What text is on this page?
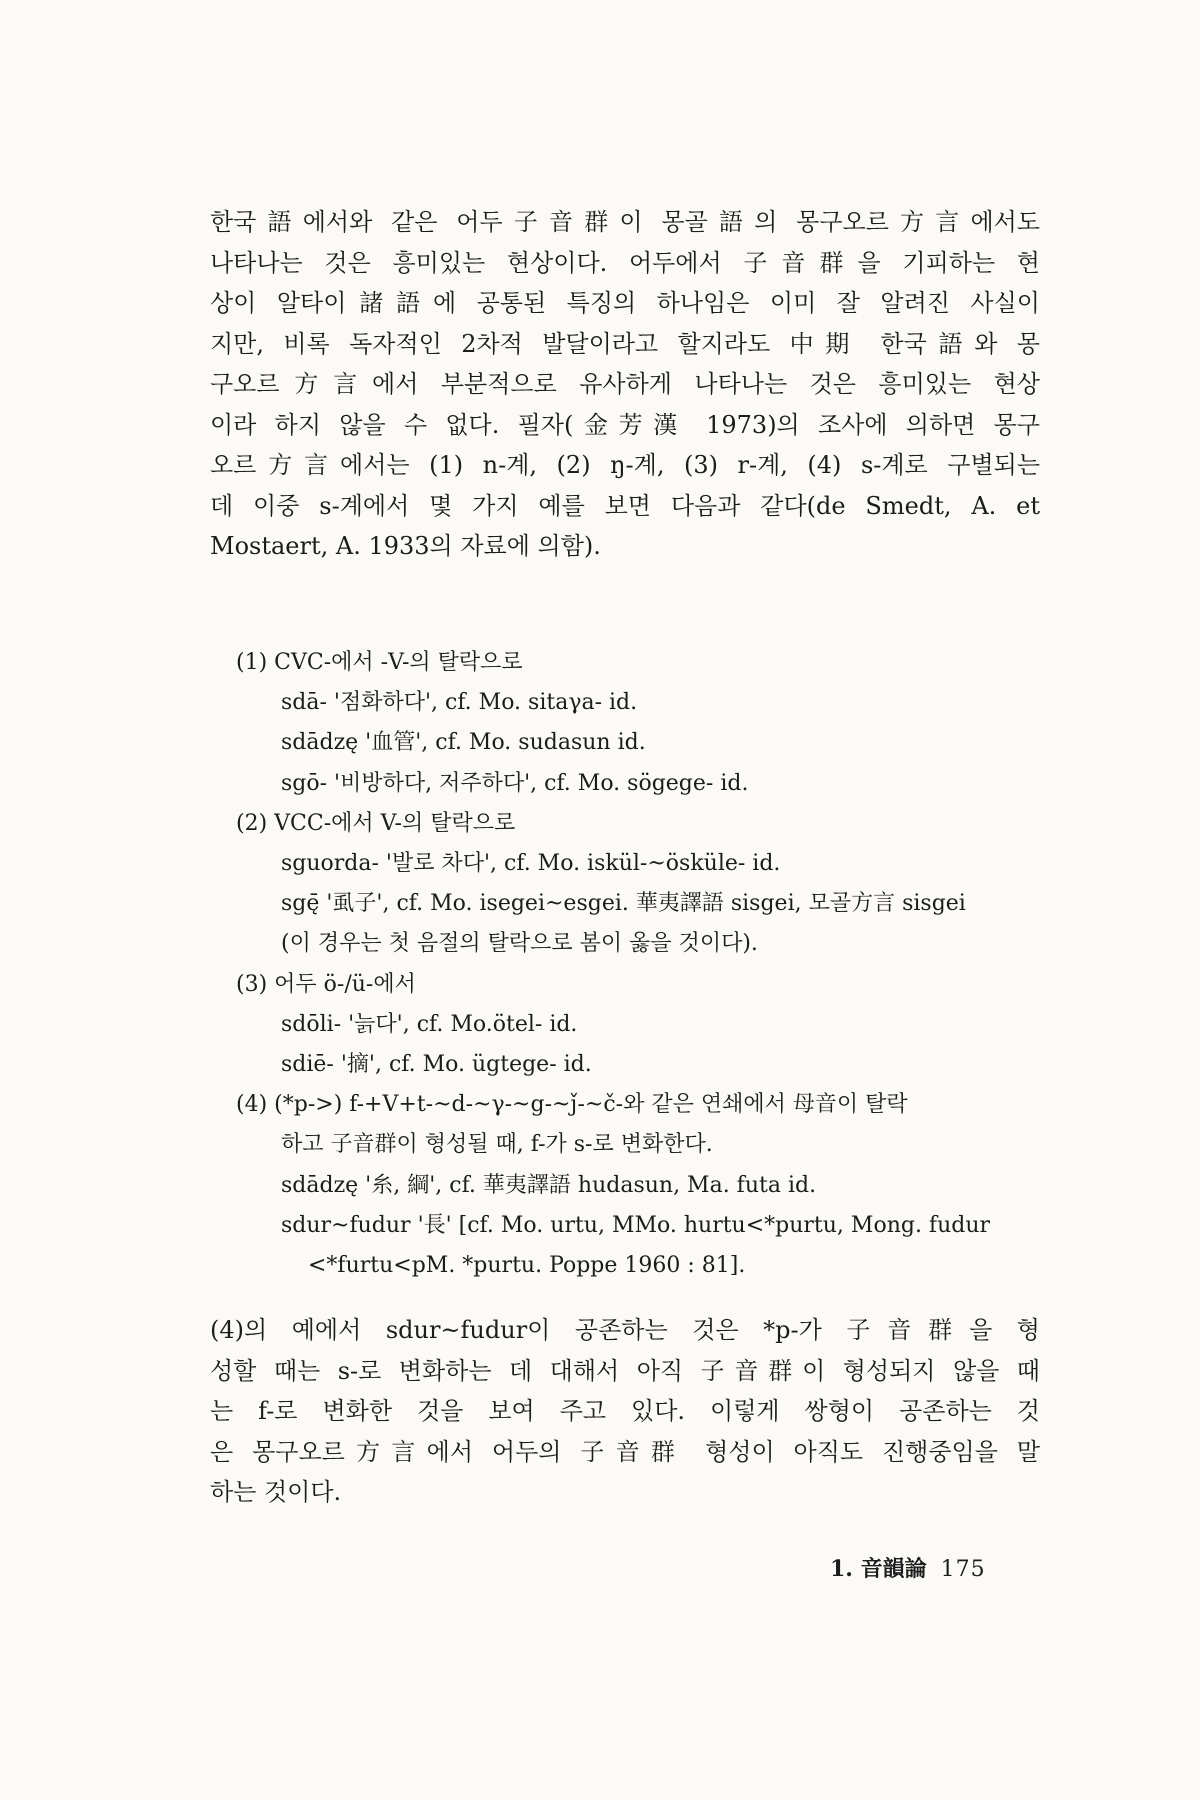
한국語에서와 같은 어두子音群이 몽골語의 몽구오르方言에서도

나타나는 것은 흥미있는 현상이다. 어두에서 子音群을 기피하는 현

상이 알타이諸語에 공통된 특징의 하나임은 이미 잘 알려진 사실이

지만, 비록 독자적인 2차적 발달이라고 할지라도 中期 한국語와 몽

구오르方言에서 부분적으로 유사하게 나타나는 것은 흥미있는 현상

이라 하지 않을 수 없다. 필자(金芳漢 1973)의 조사에 의하면 몽구

오르方言에서는 (1) n-계, (2) ŋ-계, (3) r-계, (4) s-계로 구별되는

데 이중 s-계에서 몇 가지 예를 보면 다음과 같다(de Smedt, A. et

Mostaert, A. 1933의 자료에 의함).

(1) CVC-에서 -V-의 탈락으로
sdā- '점화하다', cf. Mo. sitaγa- id.
sdādzę '血管', cf. Mo. sudasun id.
sgō- '비방하다, 저주하다', cf. Mo. sögege- id.
(2) VCC-에서 V-의 탈락으로
sguorda- '발로 차다', cf. Mo. iskül-~ösküle- id.
sgę̄ '虱子', cf. Mo. isegei~esgei. 華夷譯語 sisgei, 모골方言 sisgei
(이 경우는 첫 음절의 탈락으로 봄이 옳을 것이다).
(3) 어두 ö-/ü-에서
sdōli- '늙다', cf. Mo.ötel- id.
sdiē- '摘', cf. Mo. ügtege- id.
(4) (*p->) f-+V+t-~d-~γ-~g-~ǰ-~č-와 같은 연쇄에서 母音이 탈락
하고 子音群이 형성될 때, f-가 s-로 변화한다.
sdādzę '糸, 綱', cf. 華夷譯語 hudasun, Ma. futa id.
sdur~fudur '長' [cf. Mo. urtu, MMo. hurtu<*purtu, Mong. fudur
<*furtu<pM. *purtu. Poppe 1960 : 81].

(4)의 예에서 sdur~fudur이 공존하는 것은 *p-가 子音群을 형

성할 때는 s-로 변화하는 데 대해서 아직 子音群이 형성되지 않을 때

는 f-로 변화한 것을 보여 주고 있다. 이렇게 쌍형이 공존하는 것

은 몽구오르方言에서 어두의 子音群 형성이 아직도 진행중임을 말

하는 것이다.

1. 音韻論 175
